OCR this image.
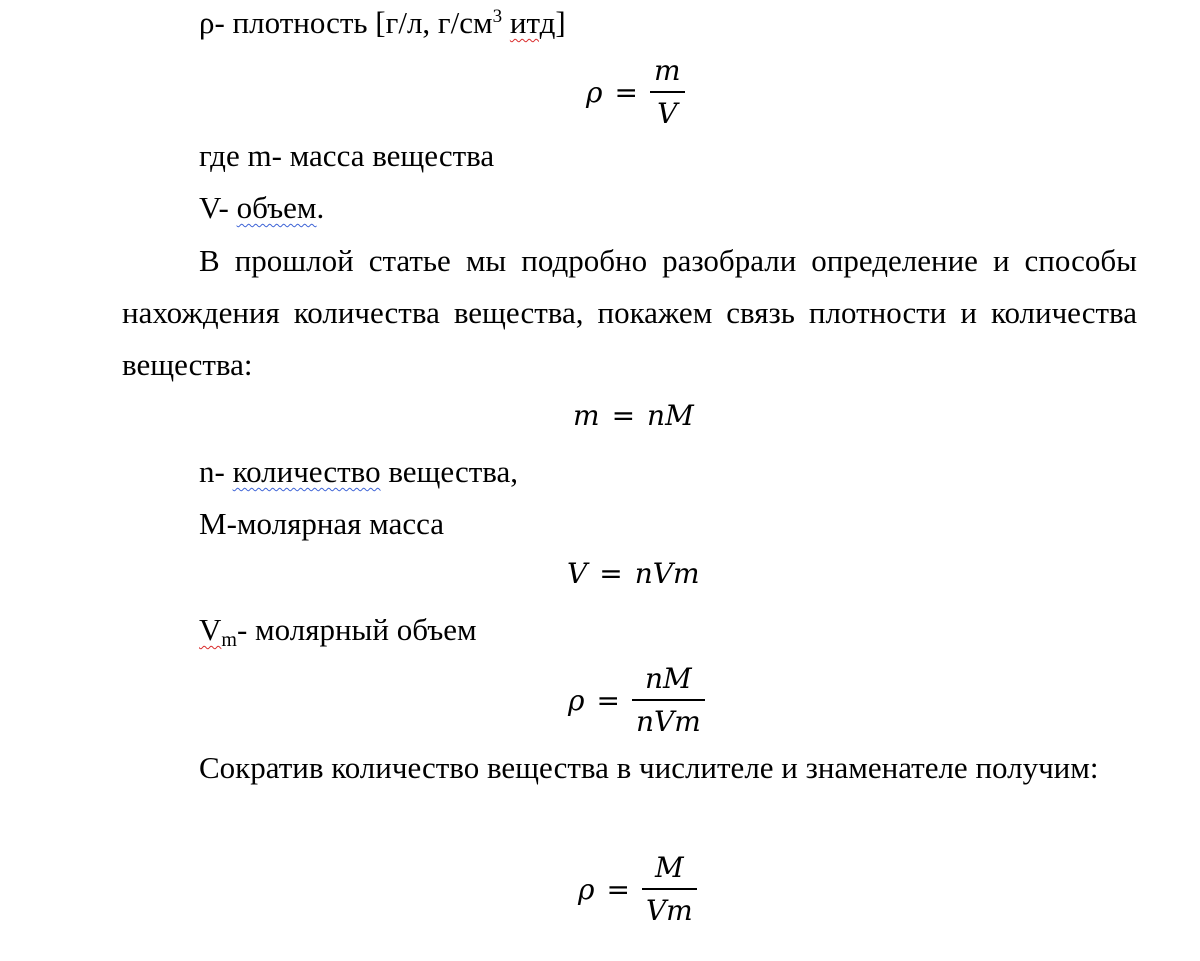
ρ- плотность [г/л, $г/см^3$ итд]
$\rho = \frac{m}{V}$
где m- масса вещества
V- объем.
В прошлой статье мы подробно разобрали определение и способы
нахождения количества вещества, покажем связь плотности и количества
вещества:
m = nM
n- количество вещества,
M-молярная масса
V = nVm
$V_m-$ молярный объем
$\rho = \frac{nM}{\text{nVm}}$
Сократив количество вещества в числителе и знаменателе получим:
$\rho = \frac{M}{Vm}$
